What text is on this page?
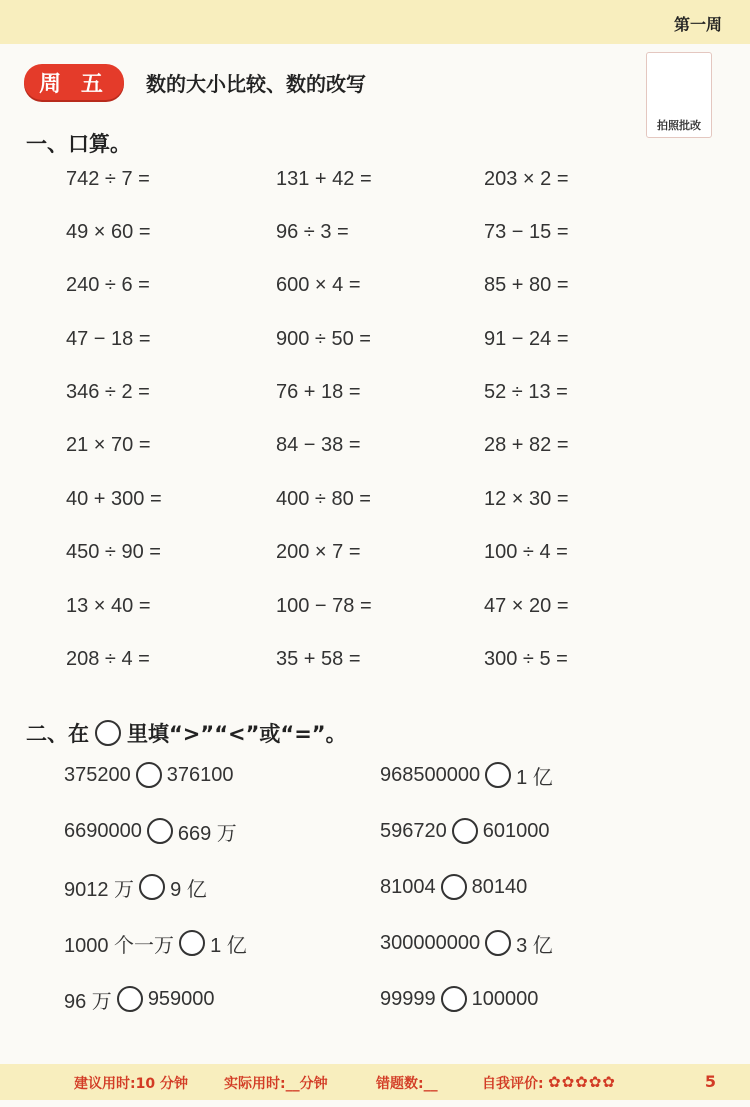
第一周
周 五	数的大小比较、数的改写
拍照批改
一、口算。
742 ÷ 7 =	131 + 42 =	203 × 2 =
49 × 60 =	96 ÷ 3 =	73 − 15 =
240 ÷ 6 =	600 × 4 =	85 + 80 =
47 − 18 =	900 ÷ 50 =	91 − 24 =
346 ÷ 2 =	76 + 18 =	52 ÷ 13 =
21 × 70 =	84 − 38 =	28 + 82 =
40 + 300 =	400 ÷ 80 =	12 × 30 =
450 ÷ 90 =	200 × 7 =	100 ÷ 4 =
13 × 40 =	100 − 78 =	47 × 20 =
208 ÷ 4 =	35 + 58 =	300 ÷ 5 =
二、在 里填“>”“<”或“=”。
375200 376100	968500000 1 亿
6690000 669 万	596720 601000
9012 万 9 亿	81004 80140
1000 个一万 1 亿	300000000 3 亿
96 万 959000	99999 100000
建议用时:10 分钟	实际用时:__分钟	错题数:__	自我评价: ✿✿✿✿✿	5
